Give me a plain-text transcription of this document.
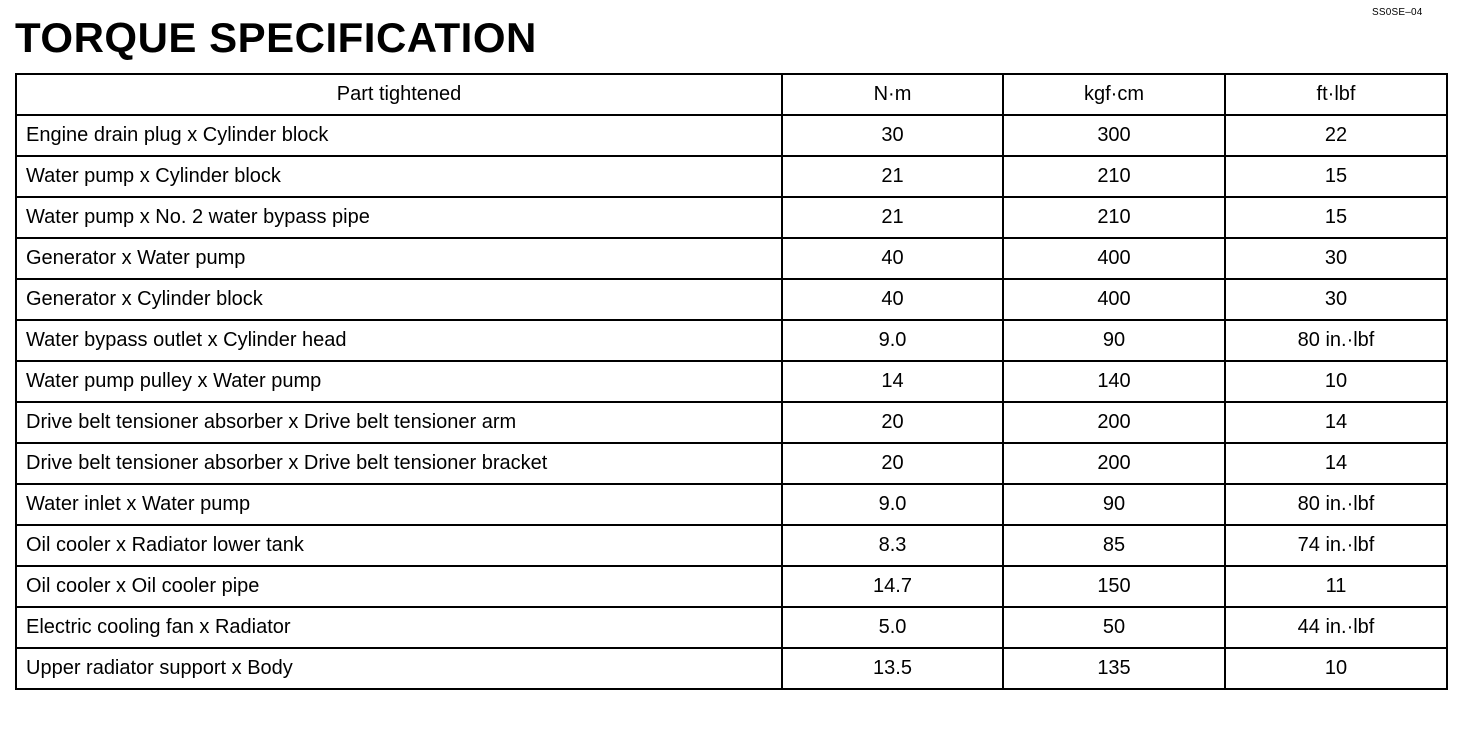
SS0SE–04
TORQUE SPECIFICATION
Part tightened	N·m	kgf·cm	ft·lbf
Engine drain plug x Cylinder block	30	300	22
Water pump x Cylinder block	21	210	15
Water pump x No. 2 water bypass pipe	21	210	15
Generator x Water pump	40	400	30
Generator x Cylinder block	40	400	30
Water bypass outlet x Cylinder head	9.0	90	80 in.·lbf
Water pump pulley x Water pump	14	140	10
Drive belt tensioner absorber x Drive belt tensioner arm	20	200	14
Drive belt tensioner absorber x Drive belt tensioner bracket	20	200	14
Water inlet x Water pump	9.0	90	80 in.·lbf
Oil cooler x Radiator lower tank	8.3	85	74 in.·lbf
Oil cooler x Oil cooler pipe	14.7	150	11
Electric cooling fan x Radiator	5.0	50	44 in.·lbf
Upper radiator support x Body	13.5	135	10
